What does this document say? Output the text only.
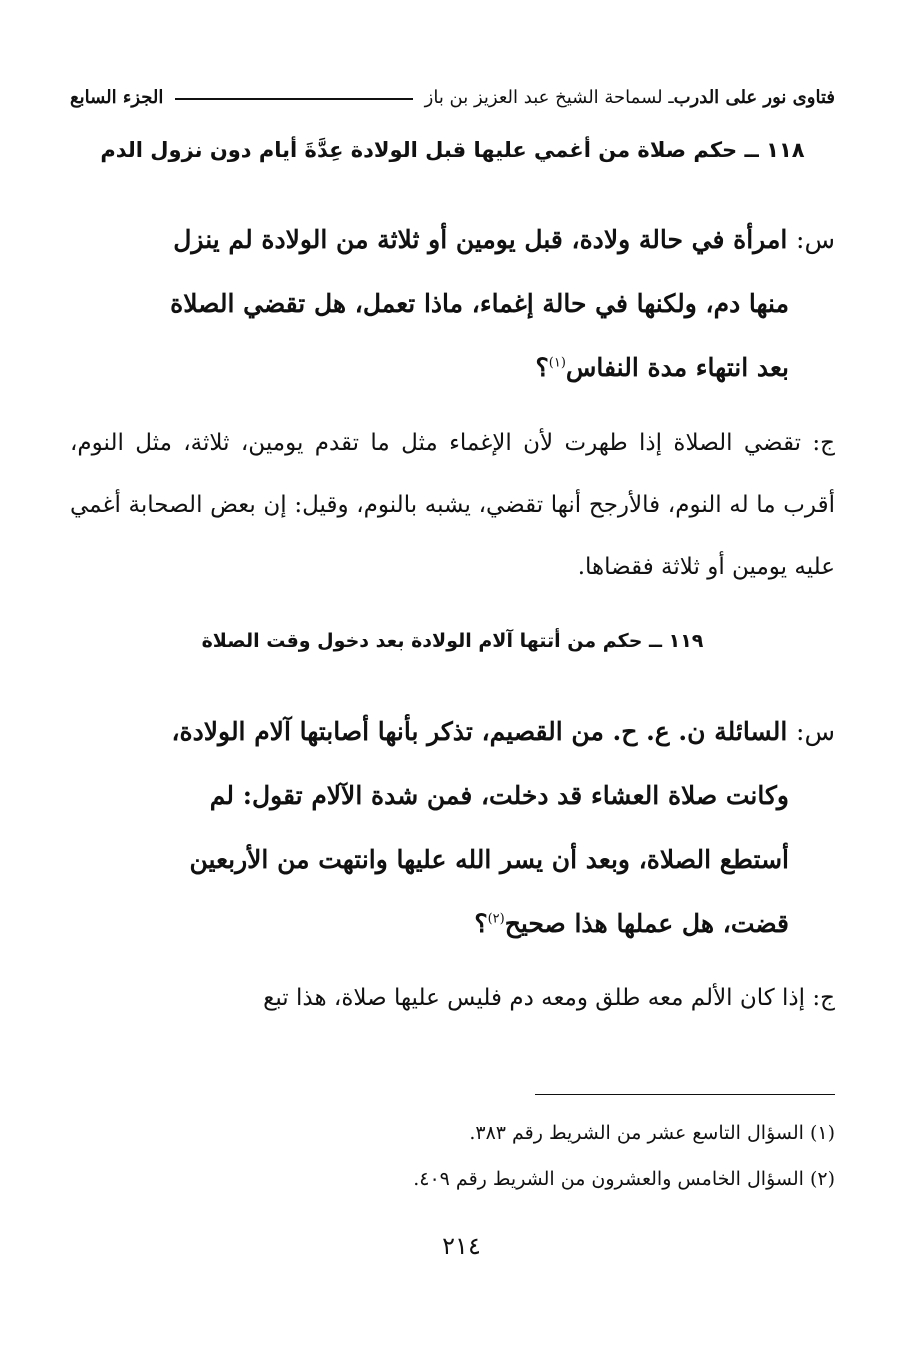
فتاوى نور على الدرب
ـ لسماحة الشيخ عبد العزيز بن باز
الجزء السابع
١١٨ ــ حكم صلاة من أغمي عليها قبل الولادة عِدَّةَ أيام دون نزول الدم
س: امرأة في حالة ولادة، قبل يومين أو ثلاثة من الولادة لم ينزل
منها دم، ولكنها في حالة إغماء، ماذا تعمل، هل تقضي الصلاة
بعد انتهاء مدة النفاس$^{(١)}$؟
ج: تقضي الصلاة إذا طهرت لأن الإغماء مثل ما تقدم يومين، ثلاثة، مثل النوم، أقرب ما له النوم، فالأرجح أنها تقضي، يشبه بالنوم، وقيل: إن بعض الصحابة أغمي عليه يومين أو ثلاثة فقضاها.
١١٩ ــ حكم من أتتها آلام الولادة بعد دخول وقت الصلاة
س: السائلة ن. ع. ح. من القصيم، تذكر بأنها أصابتها آلام الولادة،
وكانت صلاة العشاء قد دخلت، فمن شدة الآلام تقول: لم
أستطع الصلاة، وبعد أن يسر الله عليها وانتهت من الأربعين
قضت، هل عملها هذا صحيح$^{(٢)}$؟
ج: إذا كان الألم معه طلق ومعه دم فليس عليها صلاة، هذا تبع
(١) السؤال التاسع عشر من الشريط رقم ٣٨٣.
(٢) السؤال الخامس والعشرون من الشريط رقم ٤٠٩.
٢١٤
